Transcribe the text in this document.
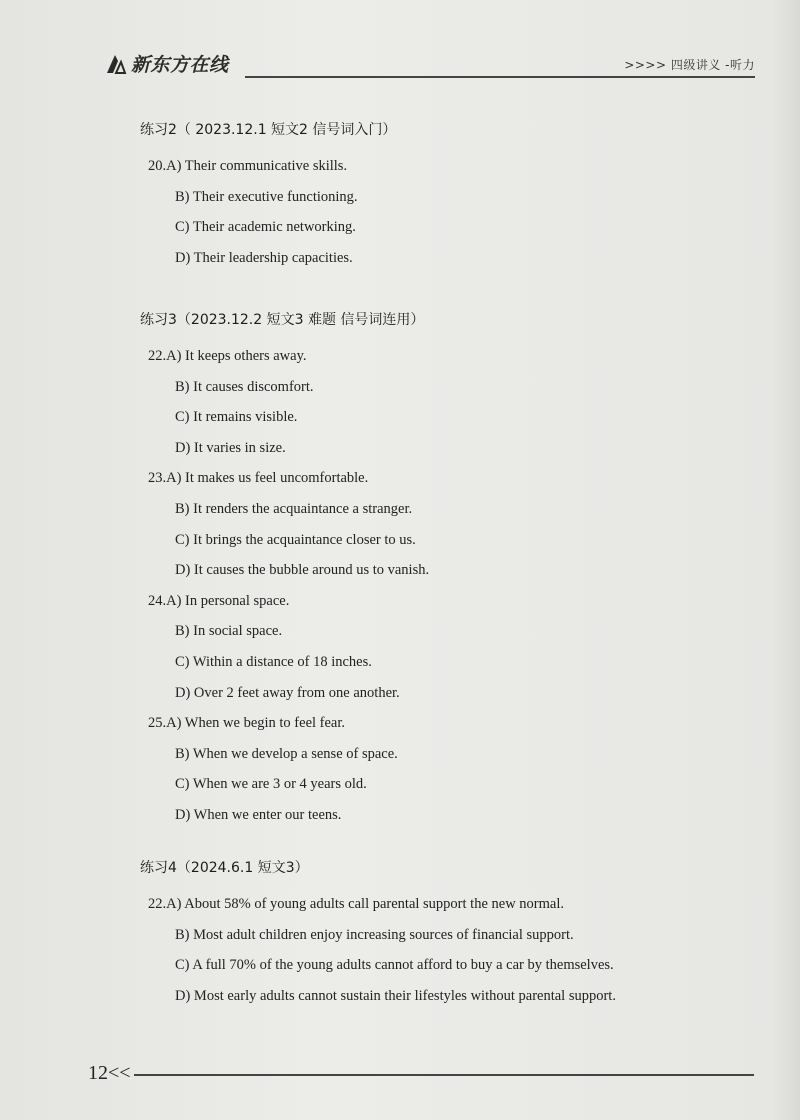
新东方在线	>>>> 四级讲义 -听力
练习2（ 2023.12.1 短文2 信号词入门）
20.A) Their communicative skills.
B) Their executive functioning.
C) Their academic networking.
D) Their leadership capacities.
练习3（2023.12.2 短文3 难题 信号词连用）
22.A) It keeps others away.
B) It causes discomfort.
C) It remains visible.
D) It varies in size.
23.A) It makes us feel uncomfortable.
B) It renders the acquaintance a stranger.
C) It brings the acquaintance closer to us.
D) It causes the bubble around us to vanish.
24.A) In personal space.
B) In social space.
C) Within a distance of 18 inches.
D) Over 2 feet away from one another.
25.A) When we begin to feel fear.
B) When we develop a sense of space.
C) When we are 3 or 4 years old.
D) When we enter our teens.
练习4（2024.6.1 短文3）
22.A) About 58% of young adults call parental support the new normal.
B) Most adult children enjoy increasing sources of financial support.
C) A full 70% of the young adults cannot afford to buy a car by themselves.
D) Most early adults cannot sustain their lifestyles without parental support.
12<<
